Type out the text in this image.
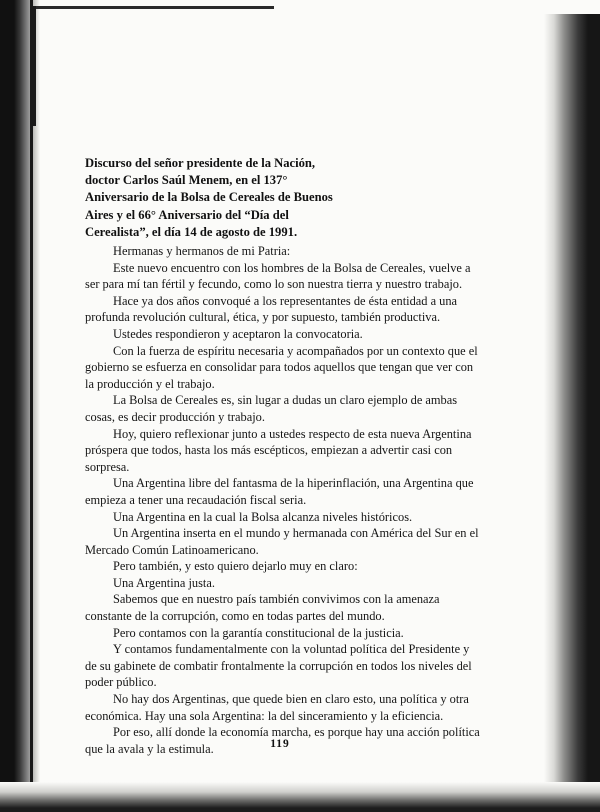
Discurso del señor presidente de la Nación, doctor Carlos Saúl Menem, en el 137° Aniversario de la Bolsa de Cereales de Buenos Aires y el 66° Aniversario del “Día del Cerealista”, el día 14 de agosto de 1991.

Hermanas y hermanos de mi Patria:

Este nuevo encuentro con los hombres de la Bolsa de Cereales, vuelve a ser para mí tan fértil y fecundo, como lo son nuestra tierra y nuestro trabajo.

Hace ya dos años convoqué a los representantes de ésta entidad a una profunda revolución cultural, ética, y por supuesto, también productiva.

Ustedes respondieron y aceptaron la convocatoria.

Con la fuerza de espíritu necesaria y acompañados por un contexto que el gobierno se esfuerza en consolidar para todos aquellos que tengan que ver con la producción y el trabajo.

La Bolsa de Cereales es, sin lugar a dudas un claro ejemplo de ambas cosas, es decir producción y trabajo.

Hoy, quiero reflexionar junto a ustedes respecto de esta nueva Argentina próspera que todos, hasta los más escépticos, empiezan a advertir casi con sorpresa.

Una Argentina libre del fantasma de la hiperinflación, una Argentina que empieza a tener una recaudación fiscal seria.

Una Argentina en la cual la Bolsa alcanza niveles históricos.

Un Argentina inserta en el mundo y hermanada con América del Sur en el Mercado Común Latinoamericano.

Pero también, y esto quiero dejarlo muy en claro:

Una Argentina justa.

Sabemos que en nuestro país también convivimos con la amenaza constante de la corrupción, como en todas partes del mundo.

Pero contamos con la garantía constitucional de la justicia.

Y contamos fundamentalmente con la voluntad política del Presidente y de su gabinete de combatir frontalmente la corrupción en todos los niveles del poder público.

No hay dos Argentinas, que quede bien en claro esto, una política y otra económica. Hay una sola Argentina: la del sinceramiento y la eficiencia.

Por eso, allí donde la economía marcha, es porque hay una acción política que la avala y la estimula.	119
